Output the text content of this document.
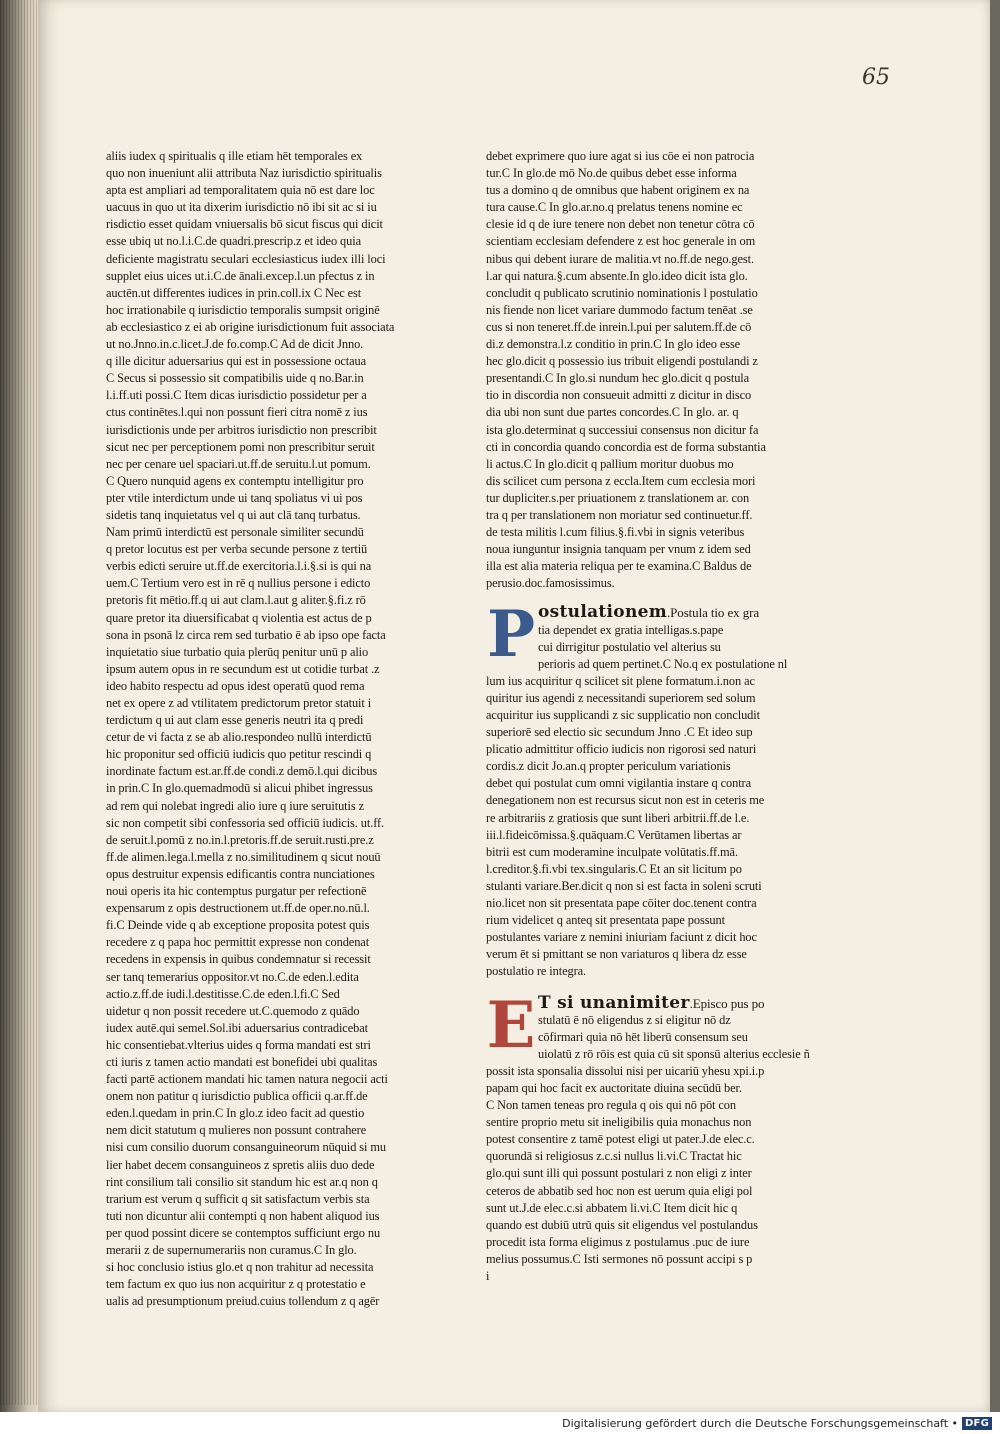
65
aliis iudex q spiritualis q ille etiam hēt temporales ex
quo non inueniunt alii attributa Naz iurisdictio spiritualis
apta est ampliari ad temporalitatem quia nō est dare loc
uacuus in quo ut ita dixerim iurisdictio nō ibi sit ac si iu
risdictio esset quidam vniuersalis bō sicut fiscus qui dicit
esse ubiq ut no.l.i.C.de quadri.prescrip.z et ideo quia
deficiente magistratu seculari ecclesiasticus iudex illi loci
supplet eius uices ut.i.C.de ānali.excep.l.un pfectus z in
auctēn.ut differentes iudices in prin.coll.ix C Nec est
hoc irrationabile q iurisdictio temporalis sumpsit originē
ab ecclesiastico z ei ab origine iurisdictionum fuit associata
ut no.Jnno.in.c.licet.J.de fo.comp.C Ad de dicit Jnno.
q ille dicitur aduersarius qui est in possessione octaua
C Secus si possessio sit compatibilis uide q no.Bar.in
l.i.ff.uti possi.C Item dicas iurisdictio possidetur per a
ctus continētes.l.qui non possunt fieri citra nomē z ius
iurisdictionis unde per arbitros iurisdictio non prescribit
sicut nec per perceptionem pomi non prescribitur seruit
nec per cenare uel spaciari.ut.ff.de seruitu.l.ut pomum.
C Quero nunquid agens ex contemptu intelligitur pro
pter vtile interdictum unde ui tanq spoliatus vi ui pos
sidetis tanq inquietatus vel q ui aut clā tanq turbatus.
Nam primū interdictū est personale similiter secundū
q pretor locutus est per verba secunde persone z tertiū
verbis edicti seruire ut.ff.de exercitoria.l.i.§.si is qui na
uem.C Tertium vero est in rē q nullius persone i edicto
pretoris fit mētio.ff.q ui aut clam.l.aut g aliter.§.fi.z rō
quare pretor ita diuersificabat q violentia est actus de p
sona in psonā lz circa rem sed turbatio ē ab ipso ope facta
inquietatio siue turbatio quia plerūq penitur unū p alio
ipsum autem opus in re secundum est ut cotidie turbat .z
ideo habito respectu ad opus idest operatū quod rema
net ex opere z ad vtilitatem predictorum pretor statuit i
terdictum q ui aut clam esse generis neutri ita q predi
cetur de vi facta z se ab alio.respondeo nullū interdictū
hic proponitur sed officiū iudicis quo petitur rescindi q
inordinate factum est.ar.ff.de condi.z demō.l.qui dicibus
in prin.C In glo.quemadmodū si alicui phibet ingressus
ad rem qui nolebat ingredi alio iure q iure seruitutis z
sic non competit sibi confessoria sed officiū iudicis. ut.ff.
de seruit.l.pomū z no.in.l.pretoris.ff.de seruit.rusti.pre.z
ff.de alimen.lega.l.mella z no.similitudinem q sicut nouū
opus destruitur expensis edificantis contra nunciationes
noui operis ita hic contemptus purgatur per refectionē
expensarum z opis destructionem ut.ff.de oper.no.nū.l.
fi.C Deinde vide q ab exceptione proposita potest quis
recedere z q papa hoc permittit expresse non condenat
recedens in expensis in quibus condemnatur si recessit
ser tanq temerarius oppositor.vt no.C.de eden.l.edita
actio.z.ff.de iudi.l.destitisse.C.de eden.l.fi.C Sed
uidetur q non possit recedere ut.C.quemodo z quādo
iudex autē.qui semel.Sol.ibi aduersarius contradicebat
hic consentiebat.vlterius uides q forma mandati est stri
cti iuris z tamen actio mandati est bonefidei ubi qualitas
facti partē actionem mandati hic tamen natura negocii acti
onem non patitur q iurisdictio publica officii q.ar.ff.de
eden.l.quedam in prin.C In glo.z ideo facit ad questio
nem dicit statutum q mulieres non possunt contrahere
nisi cum consilio duorum consanguineorum nūquid si mu
lier habet decem consanguineos z spretis aliis duo dede
rint consilium tali consilio sit standum hic est ar.q non q
trarium est verum q sufficit q sit satisfactum verbis sta
tuti non dicuntur alii contempti q non habent aliquod ius
per quod possint dicere se contemptos sufficiunt ergo nu
merarii z de supernumerariis non curamus.C In glo.
si hoc conclusio istius glo.et q non trahitur ad necessita
tem factum ex quo ius non acquiritur z q protestatio e
ualis ad presumptionum preiud.cuius tollendum z q agēr
debet exprimere quo iure agat si ius cōe ei non patrocia
tur.C In glo.de mō No.de quibus debet esse informa
tus a domino q de omnibus que habent originem ex na
tura cause.C In glo.ar.no.q prelatus tenens nomine ec
clesie id q de iure tenere non debet non tenetur cōtra cō
scientiam ecclesiam defendere z est hoc generale in om
nibus qui debent iurare de malitia.vt no.ff.de nego.gest.
l.ar qui natura.§.cum absente.In glo.ideo dicit ista glo.
concludit q publicato scrutinio nominationis l postulatio
nis fiende non licet variare dummodo factum tenēat .se
cus si non teneret.ff.de inrein.l.pui per salutem.ff.de cō
di.z demonstra.l.z conditio in prin.C In glo ideo esse
hec glo.dicit q possessio ius tribuit eligendi postulandi z
presentandi.C In glo.si nundum hec glo.dicit q postula
tio in discordia non consueuit admitti z dicitur in disco
dia ubi non sunt due partes concordes.C In glo. ar. q
ista glo.determinat q successiui consensus non dicitur fa
cti in concordia quando concordia est de forma substantia
li actus.C In glo.dicit q pallium moritur duobus mo
dis scilicet cum persona z eccla.Item cum ecclesia mori
tur dupliciter.s.per priuationem z translationem ar. con
tra q per translationem non moriatur sed continuetur.ff.
de testa militis l.cum filius.§.fi.vbi in signis veteribus
noua iunguntur insignia tanquam per vnum z idem sed
illa est alia materia reliqua per te examina.C Baldus de
perusio.doc.famosissimus.
P ostulationem.Postula tio ex gra
tia dependet ex gratia intelligas.s.pape
cui dirrigitur postulatio vel alterius su
perioris ad quem pertinet.C No.q ex postulatione nl
lum ius acquiritur q scilicet sit plene formatum.i.non ac
quiritur ius agendi z necessitandi superiorem sed solum
acquiritur ius supplicandi z sic supplicatio non concludit
superiorē sed electio sic secundum Jnno .C Et ideo sup
plicatio admittitur officio iudicis non rigorosi sed naturi
cordis.z dicit Jo.an.q propter periculum variationis
debet qui postulat cum omni vigilantia instare q contra
denegationem non est recursus sicut non est in ceteris me
re arbitrariis z gratiosis que sunt liberi arbitrii.ff.de l.e.
iii.l.fideicōmissa.§.quāquam.C Verūtamen libertas ar
bitrii est cum moderamine inculpate volūtatis.ff.mā.
l.creditor.§.fi.vbi tex.singularis.C Et an sit licitum po
stulanti variare.Ber.dicit q non si est facta in soleni scruti
nio.licet non sit presentata pape cōiter doc.tenent contra
rium videlicet q anteq sit presentata pape possunt
postulantes variare z nemini iniuriam faciunt z dicit hoc
verum ēt si pmittant se non variaturos q libera dz esse
postulatio re integra.
E T si unanimiter.Episco pus po
stulatū ē nō eligendus z si eligitur nō dz
cōfirmari quia nō hēt liberū consensum seu
uiolatū z rō rōis est quia cū sit sponsū alterius ecclesie ñ
possit ista sponsalia dissolui nisi per uicariū yhesu xpi.i.p
papam qui hoc facit ex auctoritate diuina secūdū ber.
C Non tamen teneas pro regula q ois qui nō pōt con
sentire proprio metu sit ineligibilis quia monachus non
potest consentire z tamē potest eligi ut pater.J.de elec.c.
quorundā si religiosus z.c.si nullus li.vi.C Tractat hic
glo.qui sunt illi qui possunt postulari z non eligi z inter
ceteros de abbatib sed hoc non est uerum quia eligi pol
sunt ut.J.de elec.c.si abbatem li.vi.C Item dicit hic q
quando est dubiū utrū quis sit eligendus vel postulandus
procedit ista forma eligimus z postulamus .puc de iure
melius possumus.C Isti sermones nō possunt accipi s p
i
Digitalisierung gefördert durch die Deutsche Forschungsgemeinschaft • DFG
